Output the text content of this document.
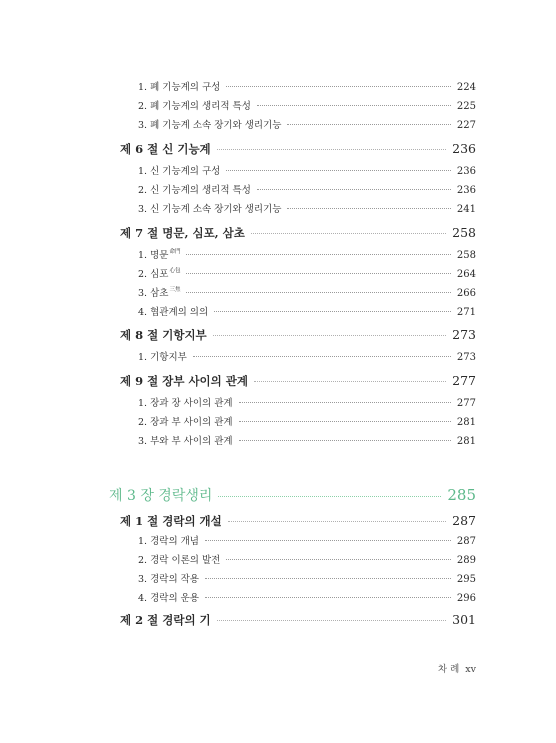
1. 폐 기능계의 구성	224
2. 폐 기능계의 생리적 특성	225
3. 폐 기능계 소속 장기와 생리기능	227
제 6 절 신 기능계	236
1. 신 기능계의 구성	236
2. 신 기능계의 생리적 특성	236
3. 신 기능계 소속 장기와 생리기능	241
제 7 절 명문, 심포, 삼초	258
1. 명문$^{命門}$	258
2. 심포$^{心包}$	264
3. 삼초$^{三焦}$	266
4. 협관계의 의의	271
제 8 절 기항지부	273
1. 기항지부	273
제 9 절 장부 사이의 관계	277
1. 장과 장 사이의 관계	277
2. 장과 부 사이의 관계	281
3. 부와 부 사이의 관계	281
제 3 장 경락생리	285
제 1 절 경락의 개설	287
1. 경락의 개념	287
2. 경락 이론의 발전	289
3. 경락의 작용	295
4. 경락의 운용	296
제 2 절 경락의 기	301
차 례 xv
